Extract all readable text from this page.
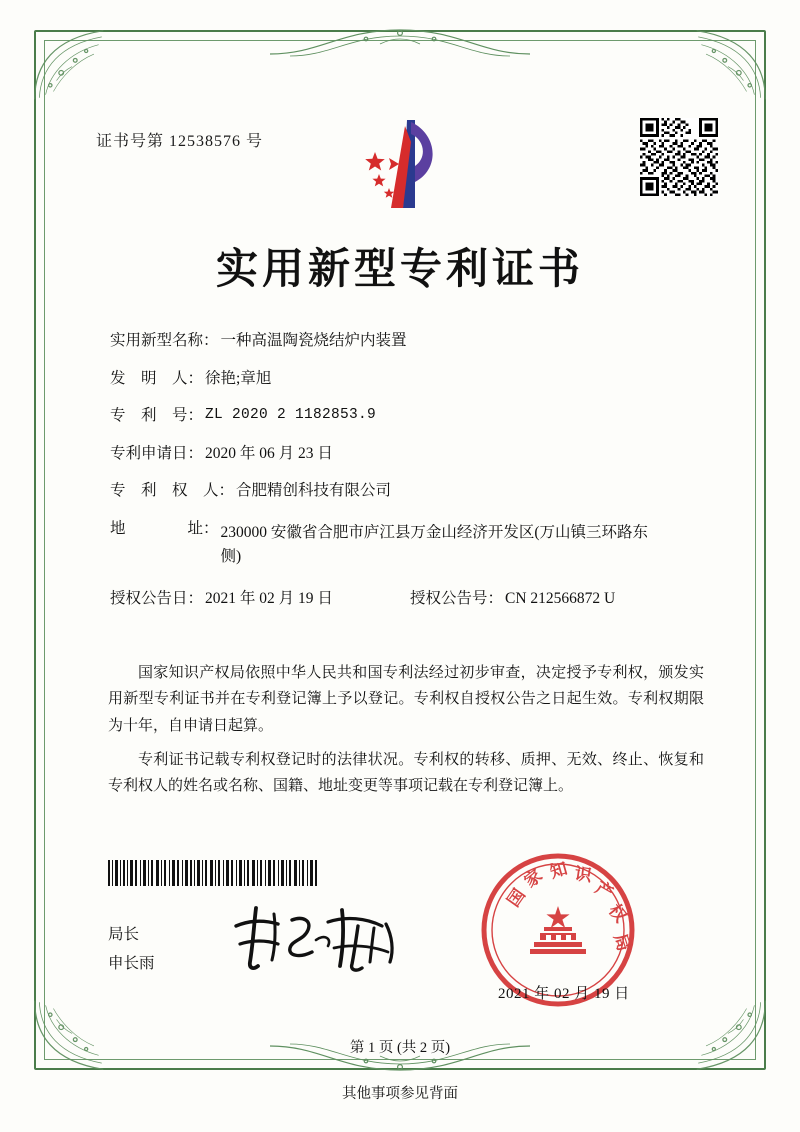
证书号第 12538576 号
实用新型专利证书
实用新型名称： 一种高温陶瓷烧结炉内装置
发　明　人： 徐艳;章旭
专　利　号： ZL 2020 2 1182853.9
专利申请日： 2020 年 06 月 23 日
专　利　权　人： 合肥精创科技有限公司
地　　　　址： 230000 安徽省合肥市庐江县万金山经济开发区(万山镇三环路东侧)
授权公告日： 2021 年 02 月 19 日	授权公告号： CN 212566872 U

国家知识产权局依照中华人民共和国专利法经过初步审查，决定授予专利权，颁发实用新型专利证书并在专利登记簿上予以登记。专利权自授权公告之日起生效。专利权期限为十年，自申请日起算。

专利证书记载专利权登记时的法律状况。专利权的转移、质押、无效、终止、恢复和专利权人的姓名或名称、国籍、地址变更等事项记载在专利登记簿上。

局长
申长雨
国
家 知 识
产
权
局
2021 年 02 月 19 日
第 1 页 (共 2 页)
其他事项参见背面
